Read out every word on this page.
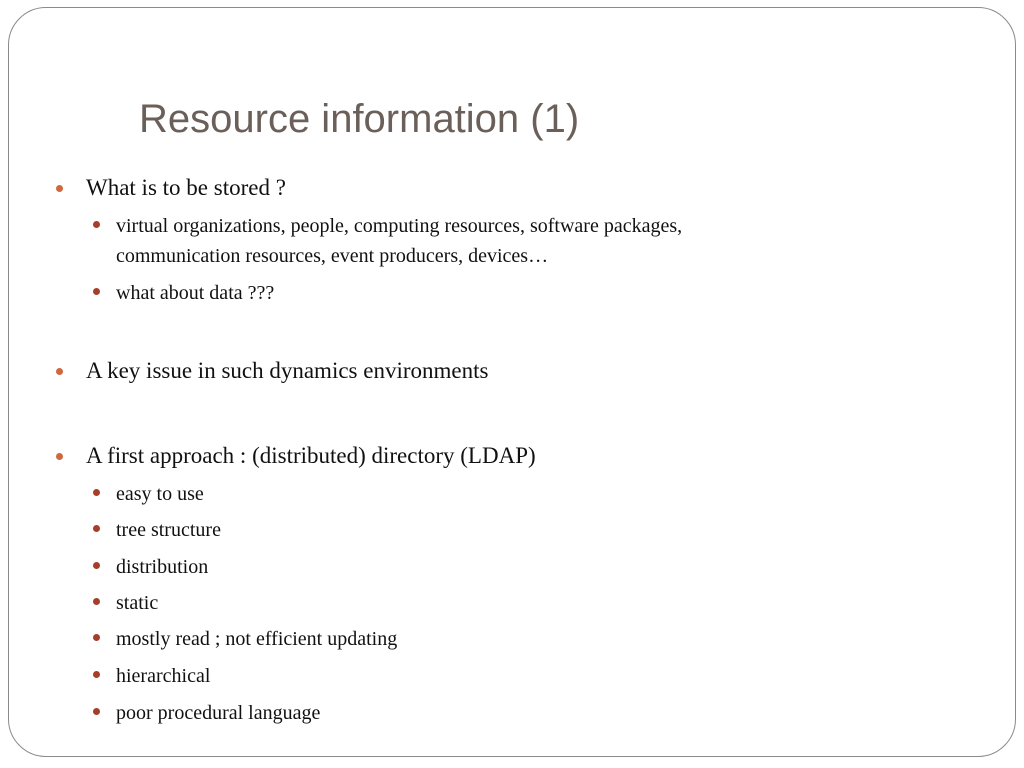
Resource information (1)
What is to be stored ?
virtual organizations, people, computing resources, software packages,
communication resources, event producers, devices…
what about data ???
A key issue in such dynamics environments
A first approach : (distributed) directory (LDAP)
easy to use
tree structure
distribution
static
mostly read ; not efficient updating
hierarchical
poor procedural language
